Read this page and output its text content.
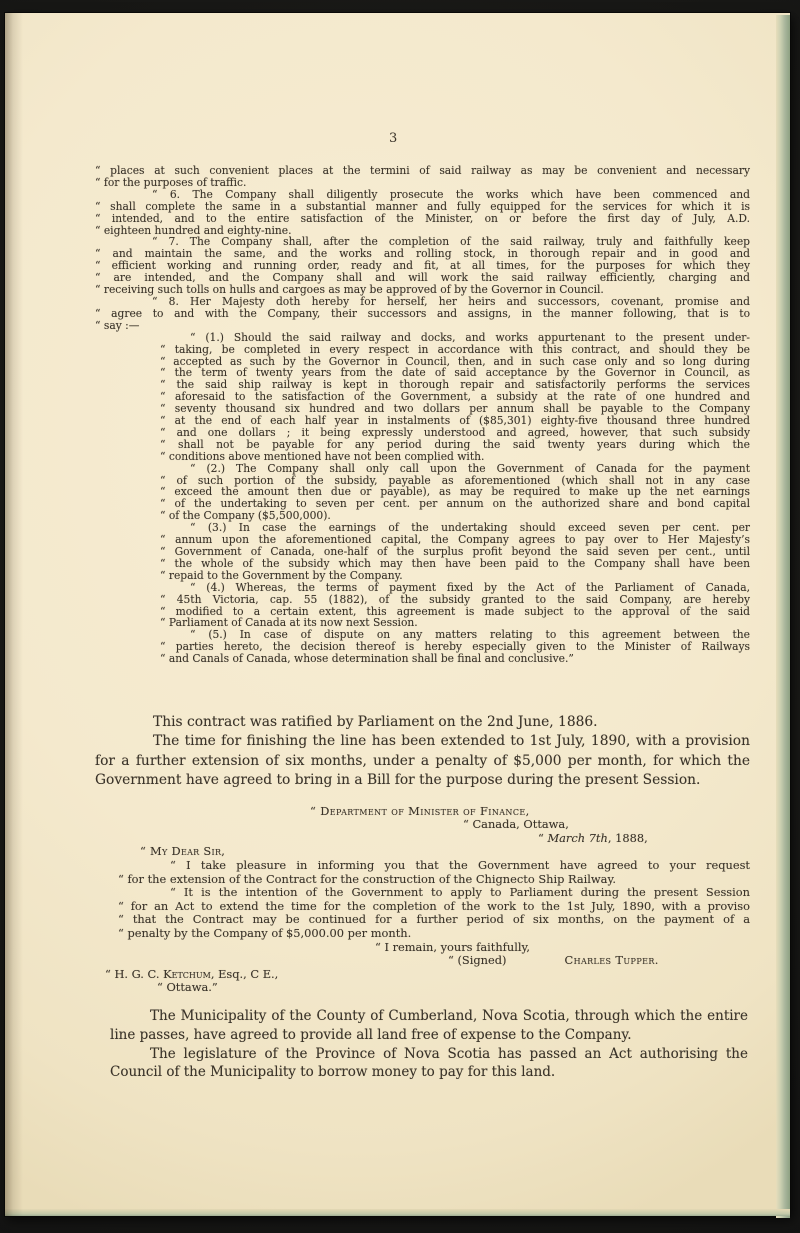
3
“ places at such convenient places at the termini of said railway as may be convenient and necessary
“ for the purposes of traffic.
“ 6. The Company shall diligently prosecute the works which have been commenced and
“ shall complete the same in a substantial manner and fully equipped for the services for which it is
“ intended, and to the entire satisfaction of the Minister, on or before the first day of July, A.D.
“ eighteen hundred and eighty-nine.
“ 7. The Company shall, after the completion of the said railway, truly and faithfully keep
“ and maintain the same, and the works and rolling stock, in thorough repair and in good and
“ efficient working and running order, ready and fit, at all times, for the purposes for which they
“ are intended, and the Company shall and will work the said railway efficiently, charging and
“ receiving such tolls on hulls and cargoes as may be approved of by the Governor in Council.
“ 8. Her Majesty doth hereby for herself, her heirs and successors, covenant, promise and
“ agree to and with the Company, their successors and assigns, in the manner following, that is to
“ say :—
“ (1.) Should the said railway and docks, and works appurtenant to the present under-
“ taking, be completed in every respect in accordance with this contract, and should they be
“ accepted as such by the Governor in Council, then, and in such case only and so long during
“ the term of twenty years from the date of said acceptance by the Governor in Council, as
“ the said ship railway is kept in thorough repair and satisfactorily performs the services
“ aforesaid to the satisfaction of the Government, a subsidy at the rate of one hundred and
“ seventy thousand six hundred and two dollars per annum shall be payable to the Company
“ at the end of each half year in instalments of ($85,301) eighty-five thousand three hundred
“ and one dollars ; it being expressly understood and agreed, however, that such subsidy
“ shall not be payable for any period during the said twenty years during which the
“ conditions above mentioned have not been complied with.
“ (2.) The Company shall only call upon the Government of Canada for the payment
“ of such portion of the subsidy, payable as aforementioned (which shall not in any case
“ exceed the amount then due or payable), as may be required to make up the net earnings
“ of the undertaking to seven per cent. per annum on the authorized share and bond capital
“ of the Company ($5,500,000).
“ (3.) In case the earnings of the undertaking should exceed seven per cent. per
“ annum upon the aforementioned capital, the Company agrees to pay over to Her Majesty’s
“ Government of Canada, one-half of the surplus profit beyond the said seven per cent., until
“ the whole of the subsidy which may then have been paid to the Company shall have been
“ repaid to the Government by the Company.
“ (4.) Whereas, the terms of payment fixed by the Act of the Parliament of Canada,
“ 45th Victoria, cap. 55 (1882), of the subsidy granted to the said Company, are hereby
“ modified to a certain extent, this agreement is made subject to the approval of the said
“ Parliament of Canada at its now next Session.
“ (5.) In case of dispute on any matters relating to this agreement between the
“ parties hereto, the decision thereof is hereby especially given to the Minister of Railways
“ and Canals of Canada, whose determination shall be final and conclusive.”

This contract was ratified by Parliament on the 2nd June, 1886.

The time for finishing the line has been extended to 1st July, 1890, with a provision for a further extension of six months, under a penalty of $5,000 per month, for which the Government have agreed to bring in a Bill for the purpose during the present Session.

“ Department of Minister of Finance,
“ Canada, Ottawa,
“ March 7th, 1888,
“ My Dear Sir,
“ I take pleasure in informing you that the Government have agreed to your request
“ for the extension of the Contract for the construction of the Chignecto Ship Railway.
“ It is the intention of the Government to apply to Parliament during the present Session
“ for an Act to extend the time for the completion of the work to the 1st July, 1890, with a proviso
“ that the Contract may be continued for a further period of six months, on the payment of a
“ penalty by the Company of $5,000.00 per month.
“ I remain, yours faithfully,
“ (Signed)	Charles Tupper.
“ H. G. C. Ketchum, Esq., C E.,
“ Ottawa.”

The Municipality of the County of Cumberland, Nova Scotia, through which the entire line passes, have agreed to provide all land free of expense to the Company.

The legislature of the Province of Nova Scotia has passed an Act authorising the Council of the Municipality to borrow money to pay for this land.
